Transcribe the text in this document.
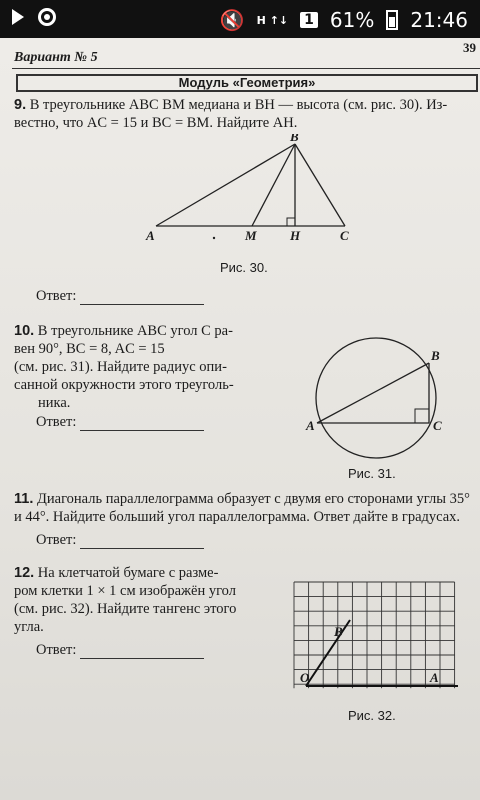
🔇 H ↑↓ 1 61% 21:46
Вариант № 5
39
Модуль «Геометрия»
9. В треугольнике ABC BM медиана и BH — высота (см. рис. 30). Из-
вестно, что AC = 15 и BC = BM. Найдите AH.
B
A	M	H	C
Рис. 30.
Ответ:
10. В треугольнике ABC угол C ра-
вен 90°, BC = 8, AC = 15
(см. рис. 31). Найдите радиус опи-
санной окружности этого треуголь-
ника.
Ответ:
B
A	C
Рис. 31.
11. Диагональ параллелограмма образует с двумя его сторонами углы 35°
и 44°. Найдите больший угол параллелограмма. Ответ дайте в градусах.
Ответ:
12. На клетчатой бумаге с разме-
ром клетки 1 × 1 см изображён угол
(см. рис. 32). Найдите тангенс этого
угла.
Ответ:
B
O	A
Рис. 32.
